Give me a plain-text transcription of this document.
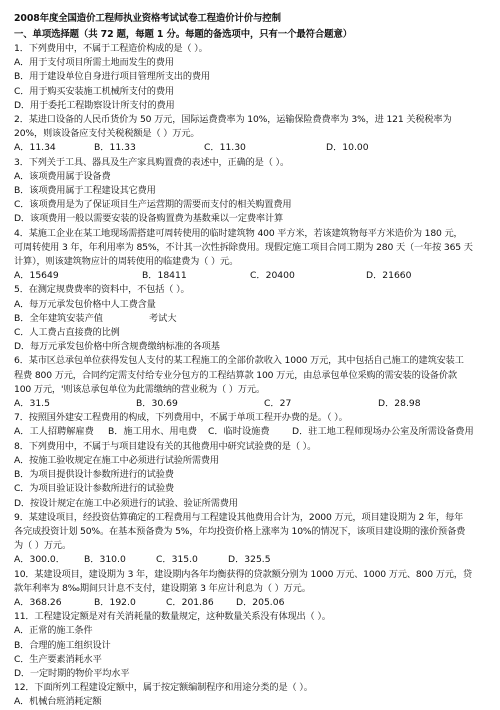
2008年度全国造价工程师执业资格考试试卷工程造价计价与控制
一、单项选择题（共 72 题，每题 1 分。每题的备选项中，只有一个最符合题意）
1．下列费用中，不属于工程造价构成的是（ ）。
A．用于支付项目所需土地而发生的费用
B．用于建设单位自身进行项目管理所支出的费用
C．用于购买安装施工机械所支付的费用
D．用于委托工程勘察设计所支付的费用
2．某进口设备的人民币货价为 50 万元，国际运费费率为 10%，运输保险费费率为 3%，进 121 关税税率为
20%，则该设备应支付关税税额是（ ）万元。
A．11.34	B．11.33	C．11.30	D．10.00
3．下列关于工具、器具及生产家具购置费的表述中，正确的是（ ）。
A．该项费用属于设备费
B．该项费用属于工程建设其它费用
C．该项费用是为了保证项目生产运营期的需要而支付的相关购置费用
D．该项费用一般以需要安装的设备购置费为基数乘以一定费率计算
4．某施工企业在某工地现场需搭建可周转使用的临时建筑物 400 平方米，若该建筑物每平方米造价为 180 元，
可周转使用 3 年，年利用率为 85%，不计其一次性拆除费用。现假定施工项目合同工期为 280 天（一年按 365 天
计算），则该建筑物应计的周转使用的临建费为（ ）元。
A．15649	B．18411	C．20400	D．21660
5．在测定规费费率的资料中，不包括（ ）。
A．每万元承发包价格中人工费含量
B．全年建筑安装产值	考试大
C．人工费占直接费的比例
D．每万元承发包价格中所含规费缴纳标准的各项基
6．某市区总承包单位获得发包人支付的某工程施工的全部价款收入 1000 万元，其中包括自己施工的建筑安装工
程费 800 万元，合同约定需支付给专业分包方的工程结算款 100 万元，由总承包单位采购的需安装的设备价款
100 万元，'则该总承包单位为此需缴纳的营业税为（ ）万元。
A．31.5	B．30.69	C．27	D．28.98
7．按照国外建安工程费用的构成，下列费用中，不属于单项工程开办费的是。（ ）。
A．工人招聘解雇费	B．施工用水、用电费	C．临时设施费	D．驻工地工程师现场办公室及所需设备费用
8．下列费用中，不属于与项目建设有关的其他费用中研究试验费的是（ ）。
A．按施工验收规定在施工中必须进行试验所需费用
B．为项目提供设计参数所进行的试验费
C．为项目验证设计参数所进行的试验费
D．按设计规定在施工中必须进行的试验、验证所需费用
9．某建设项目，经投资估算确定的工程费用与工程建设其他费用合计为，2000 万元，项目建设期为 2 年，每年
各完成投资计划 50%。在基本预备费为 5%，年均投资价格上涨率为 10%的情况下，该项目建设期的涨价预备费
为（ ）万元。
A．300.0．	B．310.0	C．315.0	D．325.5
10．某建设项目，建设期为 3 年，建设期内各年均衡获得的贷款额分别为 1000 万元、1000 万元、800 万元，贷
款年利率为 8‰期间只计息不支付，建设期第 3 年应计利息为（ ）万元。
A．368.26	B．192.0	C．201.86	D．205.06
11．工程建设定额是对有关消耗量的数量规定，这种数量关系没有体现出（ ）。
A．正常的施工条件
B．合理的施工组织设计
C．生产要素消耗水平
D．一定时期的物价平均水平
12．下面所列工程建设定额中，属于按定额编制程序和用途分类的是（ ）。
A．机械台班消耗定额
